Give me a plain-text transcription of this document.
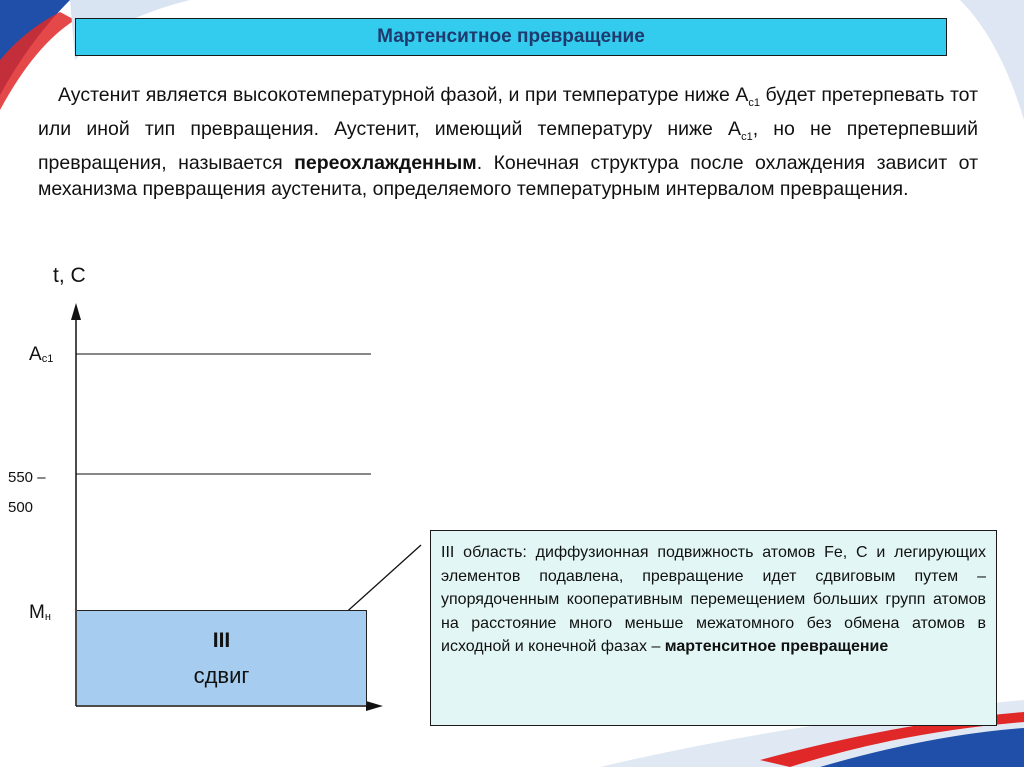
Мартенситное превращение

Аустенит является высокотемпературной фазой, и при температуре ниже $А_{с1}$ будет претерпевать тот или иной тип превращения. Аустенит, имеющий температуру ниже $А_{с1}$, но не претерпевший превращения, называется переохлажденным. Конечная структура после охлаждения зависит от механизма превращения аустенита, определяемого температурным интервалом превращения.

t, C
$А_{с1}$
550 –
500
III
сдвиг
$М_н$
III область: диффузионная подвижность атомов Fe, C и легирующих элементов подавлена, превращение идет сдвиговым путем – упорядоченным кооперативным перемещением больших групп атомов на расстояние много меньше межатомного без обмена атомов в исходной и конечной фазах – мартенситное превращение
